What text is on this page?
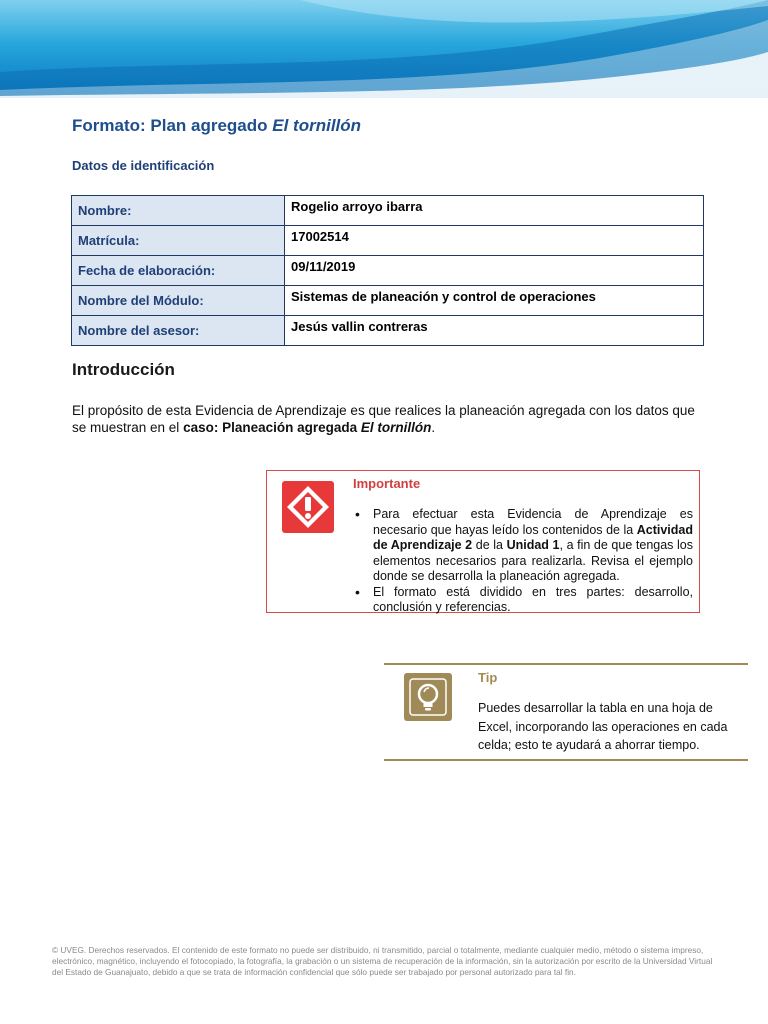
Formato: Plan agregado El tornillón
Datos de identificación
Nombre:	Rogelio arroyo ibarra
Matrícula:	17002514
Fecha de elaboración:	09/11/2019
Nombre del Módulo:	Sistemas de planeación y control de operaciones
Nombre del asesor:	Jesús vallin contreras
Introducción
El propósito de esta Evidencia de Aprendizaje es que realices la planeación agregada con los datos que se muestran en el caso: Planeación agregada El tornillón.
Importante
• Para efectuar esta Evidencia de Aprendizaje es necesario que hayas leído los contenidos de la Actividad de Aprendizaje 2 de la Unidad 1, a fin de que tengas los elementos necesarios para realizarla. Revisa el ejemplo donde se desarrolla la planeación agregada.
• El formato está dividido en tres partes: desarrollo, conclusión y referencias.
Tip
Puedes desarrollar la tabla en una hoja de Excel, incorporando las operaciones en cada celda; esto te ayudará a ahorrar tiempo.
© UVEG. Derechos reservados. El contenido de este formato no puede ser distribuido, ni transmitido, parcial o totalmente, mediante cualquier medio, método o sistema impreso, electrónico, magnético, incluyendo el fotocopiado, la fotografía, la grabación o un sistema de recuperación de la información, sin la autorización por escrito de la Universidad Virtual del Estado de Guanajuato, debido a que se trata de información confidencial que sólo puede ser trabajado por personal autorizado para tal fin.
